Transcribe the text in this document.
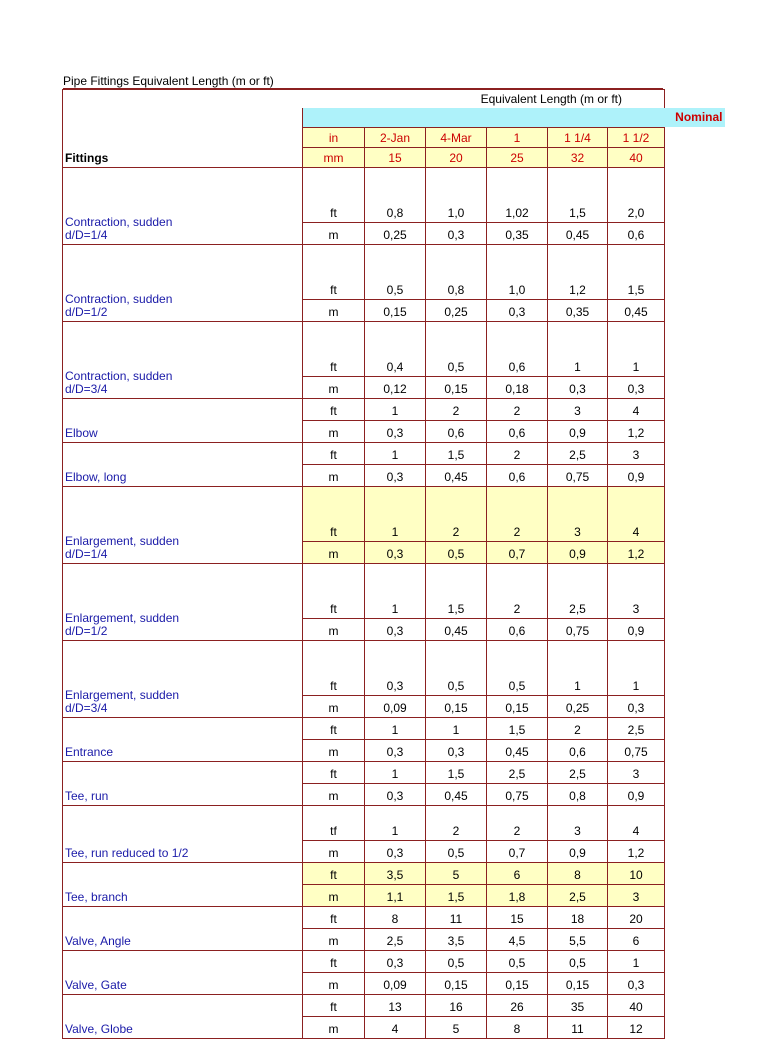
Pipe Fittings Equivalent Length (m or ft)
	Equivalent Length (m or ft)					
Fittings	Nominal					
	in	2-Jan	4-Mar	1	1 1/4	1 1/2
	mm	15	20	25	32	40

Contraction, sudden
d/D=1/4	ft	0,8	1,0	1,02	1,5	2,0
	m	0,25	0,3	0,35	0,45	0,6

Contraction, sudden
d/D=1/2	ft	0,5	0,8	1,0	1,2	1,5
	m	0,15	0,25	0,3	0,35	0,45

Contraction, sudden
d/D=3/4	ft	0,4	0,5	0,6	1	1
	m	0,12	0,15	0,18	0,3	0,3

Elbow	ft	1	2	2	3	4
	m	0,3	0,6	0,6	0,9	1,2

Elbow, long	ft	1	1,5	2	2,5	3
	m	0,3	0,45	0,6	0,75	0,9

Enlargement, sudden
d/D=1/4	ft	1	2	2	3	4
	m	0,3	0,5	0,7	0,9	1,2

Enlargement, sudden
d/D=1/2	ft	1	1,5	2	2,5	3
	m	0,3	0,45	0,6	0,75	0,9

Enlargement, sudden
d/D=3/4	ft	0,3	0,5	0,5	1	1
	m	0,09	0,15	0,15	0,25	0,3

Entrance	ft	1	1	1,5	2	2,5
	m	0,3	0,3	0,45	0,6	0,75

Tee, run	ft	1	1,5	2,5	2,5	3
	m	0,3	0,45	0,75	0,8	0,9

Tee, run reduced to 1/2	tf	1	2	2	3	4
	m	0,3	0,5	0,7	0,9	1,2

Tee, branch	ft	3,5	5	6	8	10
	m	1,1	1,5	1,8	2,5	3

Valve, Angle	ft	8	11	15	18	20
	m	2,5	3,5	4,5	5,5	6

Valve, Gate	ft	0,3	0,5	0,5	0,5	1
	m	0,09	0,15	0,15	0,15	0,3

Valve, Globe	ft	13	16	26	35	40
	m	4	5	8	11	12
